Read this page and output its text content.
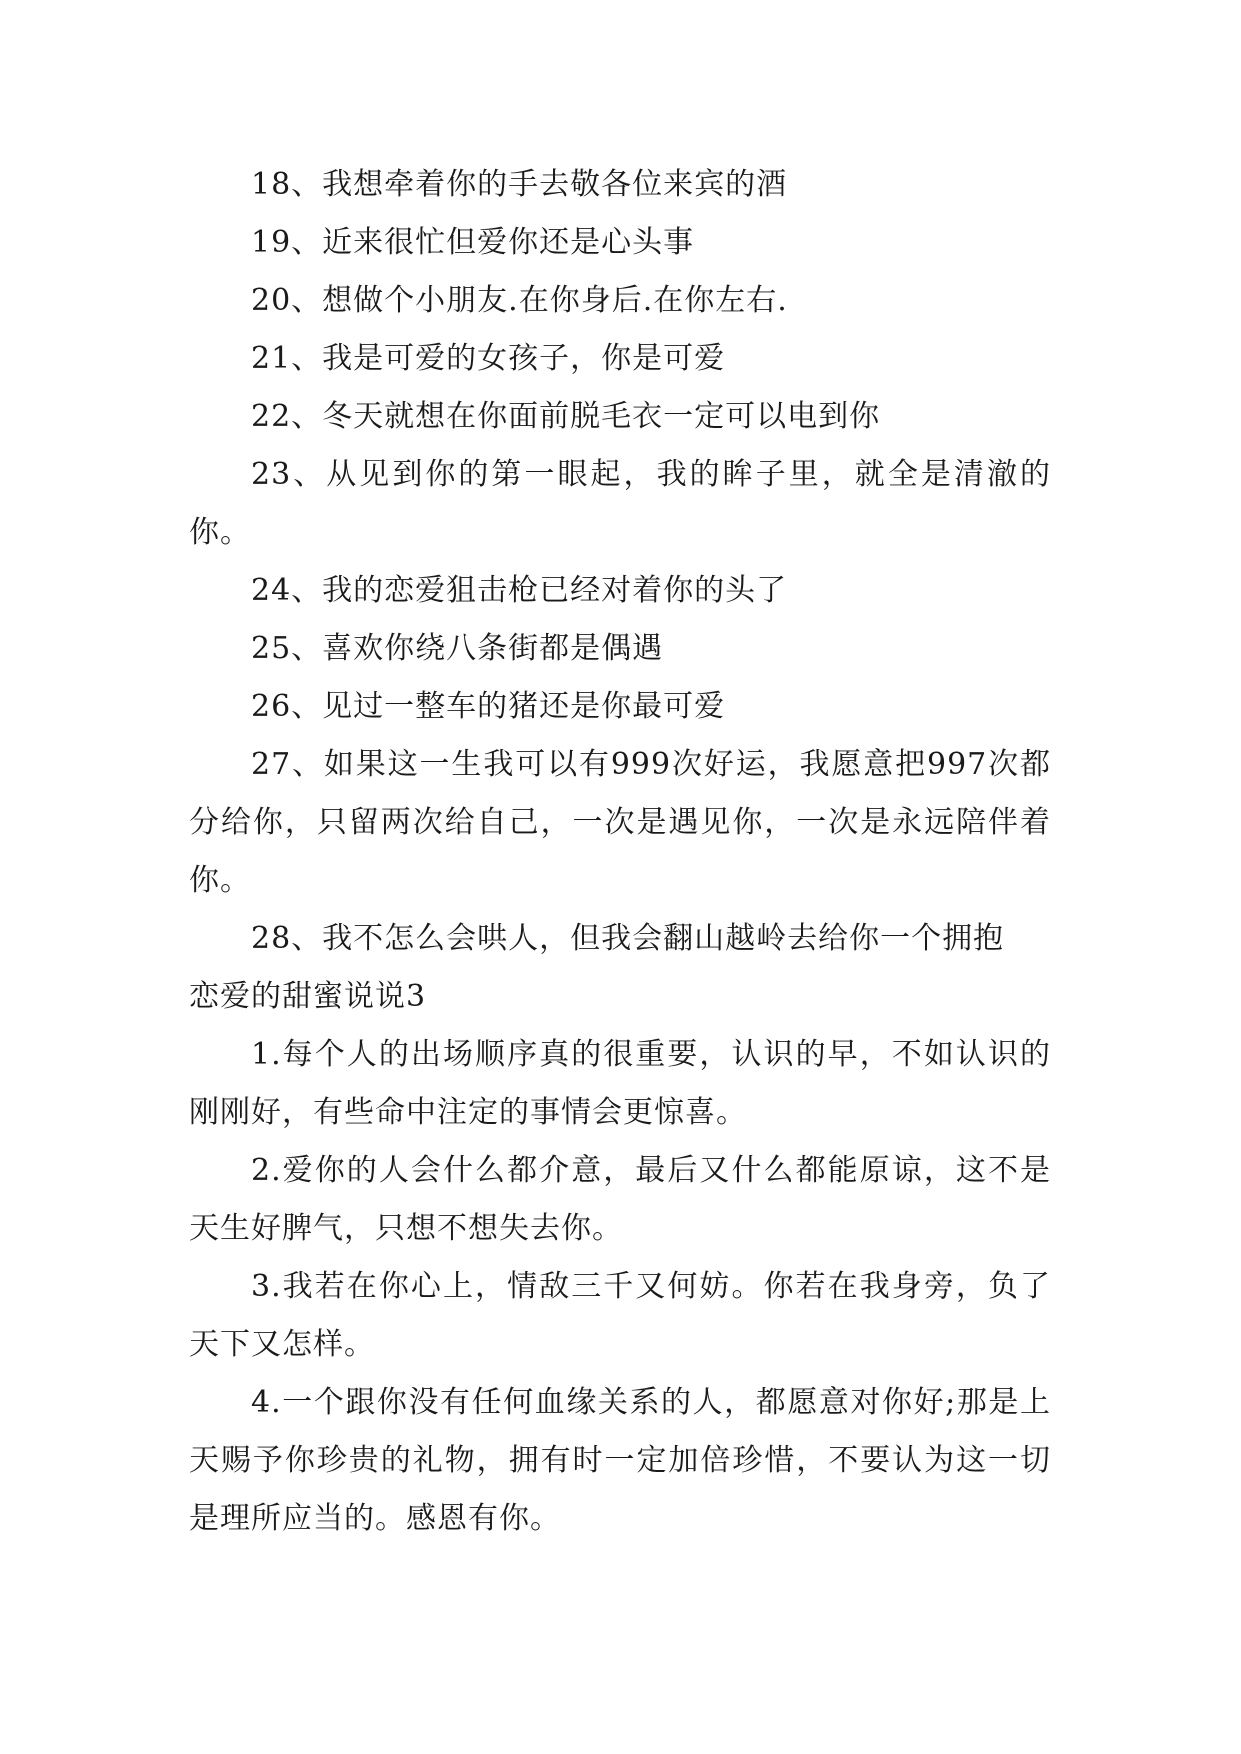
18、我想牵着你的手去敬各位来宾的酒

19、近来很忙但爱你还是心头事

20、想做个小朋友.在你身后.在你左右.

21、我是可爱的女孩子，你是可爱

22、冬天就想在你面前脱毛衣一定可以电到你

23、从见到你的第一眼起，我的眸子里，就全是清澈的你。

24、我的恋爱狙击枪已经对着你的头了

25、喜欢你绕八条街都是偶遇

26、见过一整车的猪还是你最可爱

27、如果这一生我可以有999次好运，我愿意把997次都分给你，只留两次给自己，一次是遇见你，一次是永远陪伴着你。

28、我不怎么会哄人，但我会翻山越岭去给你一个拥抱

恋爱的甜蜜说说3

1.每个人的出场顺序真的很重要，认识的早，不如认识的刚刚好，有些命中注定的事情会更惊喜。

2.爱你的人会什么都介意，最后又什么都能原谅，这不是天生好脾气，只想不想失去你。

3.我若在你心上，情敌三千又何妨。你若在我身旁，负了天下又怎样。

4.一个跟你没有任何血缘关系的人，都愿意对你好;那是上天赐予你珍贵的礼物，拥有时一定加倍珍惜，不要认为这一切是理所应当的。感恩有你。
